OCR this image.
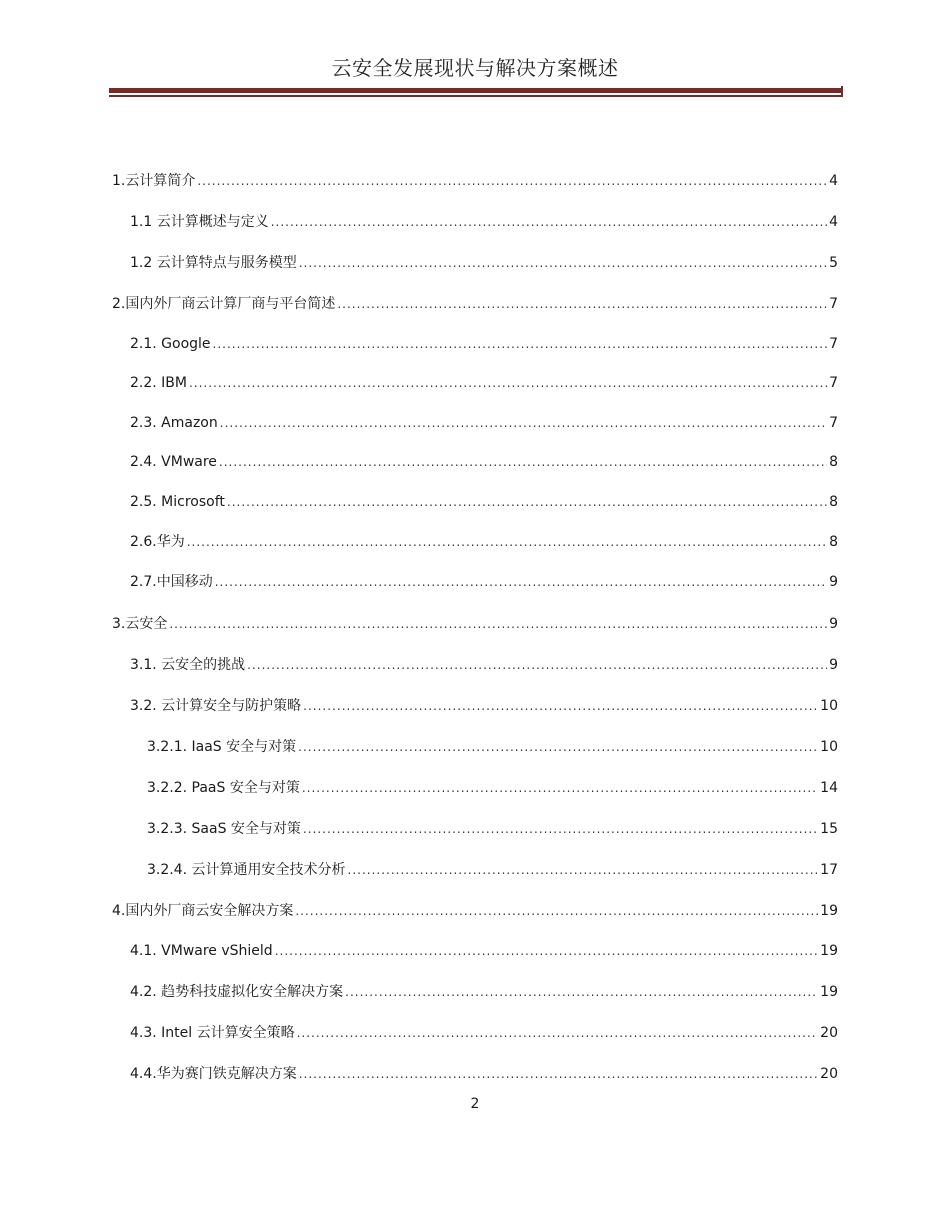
云安全发展现状与解决方案概述
1.云计算简介 .....	4
1.1 云计算概述与定义 .....	4
1.2 云计算特点与服务模型 .....	5
2.国内外厂商云计算厂商与平台简述 .....	7
2.1. Google .....	7
2.2. IBM .....	7
2.3. Amazon .....	7
2.4. VMware .....	8
2.5. Microsoft .....	8
2.6.华为 .....	8
2.7.中国移动 .....	9
3.云安全 .....	9
3.1. 云安全的挑战 .....	9
3.2. 云计算安全与防护策略 .....	10
3.2.1. IaaS 安全与对策 .....	10
3.2.2. PaaS 安全与对策 .....	14
3.2.3. SaaS 安全与对策 .....	15
3.2.4. 云计算通用安全技术分析 .....	17
4.国内外厂商云安全解决方案 .....	19
4.1. VMware vShield .....	19
4.2. 趋势科技虚拟化安全解决方案 .....	19
4.3. Intel 云计算安全策略 .....	20
4.4.华为赛门铁克解决方案 .....	20
2
